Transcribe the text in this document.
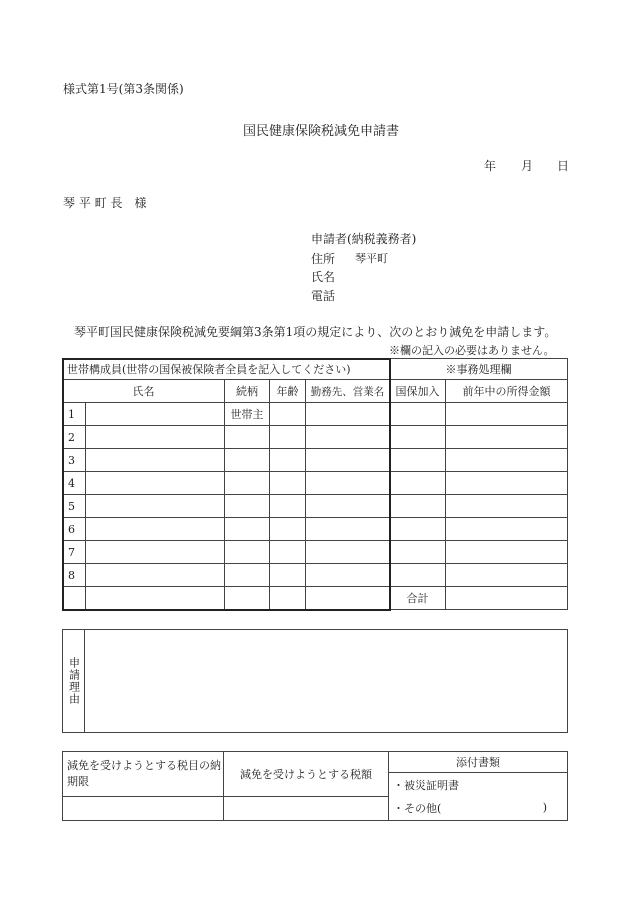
様式第1号(第3条関係)
国民健康保険税減免申請書
年 月 日
琴 平 町 長　様
申請者(納税義務者)
住所 琴平町
氏名
電話
琴平町国民健康保険税減免要綱第3条第1項の規定により、次のとおり減免を申請します。
※欄の記入の必要はありません。
世帯構成員(世帯の国保被保険者全員を記入してください)					※事務処理欄	
氏名		続柄	年齢	勤務先、営業名	国保加入	前年中の所得金額
1		世帯主				
2						
3						
4						
5						
6						
7						
8						
					合計	
申請理由	
減免を受けようとする税目の納期限	減免を受けようとする税額	添付書類
		・被災証明書
		・その他( )
